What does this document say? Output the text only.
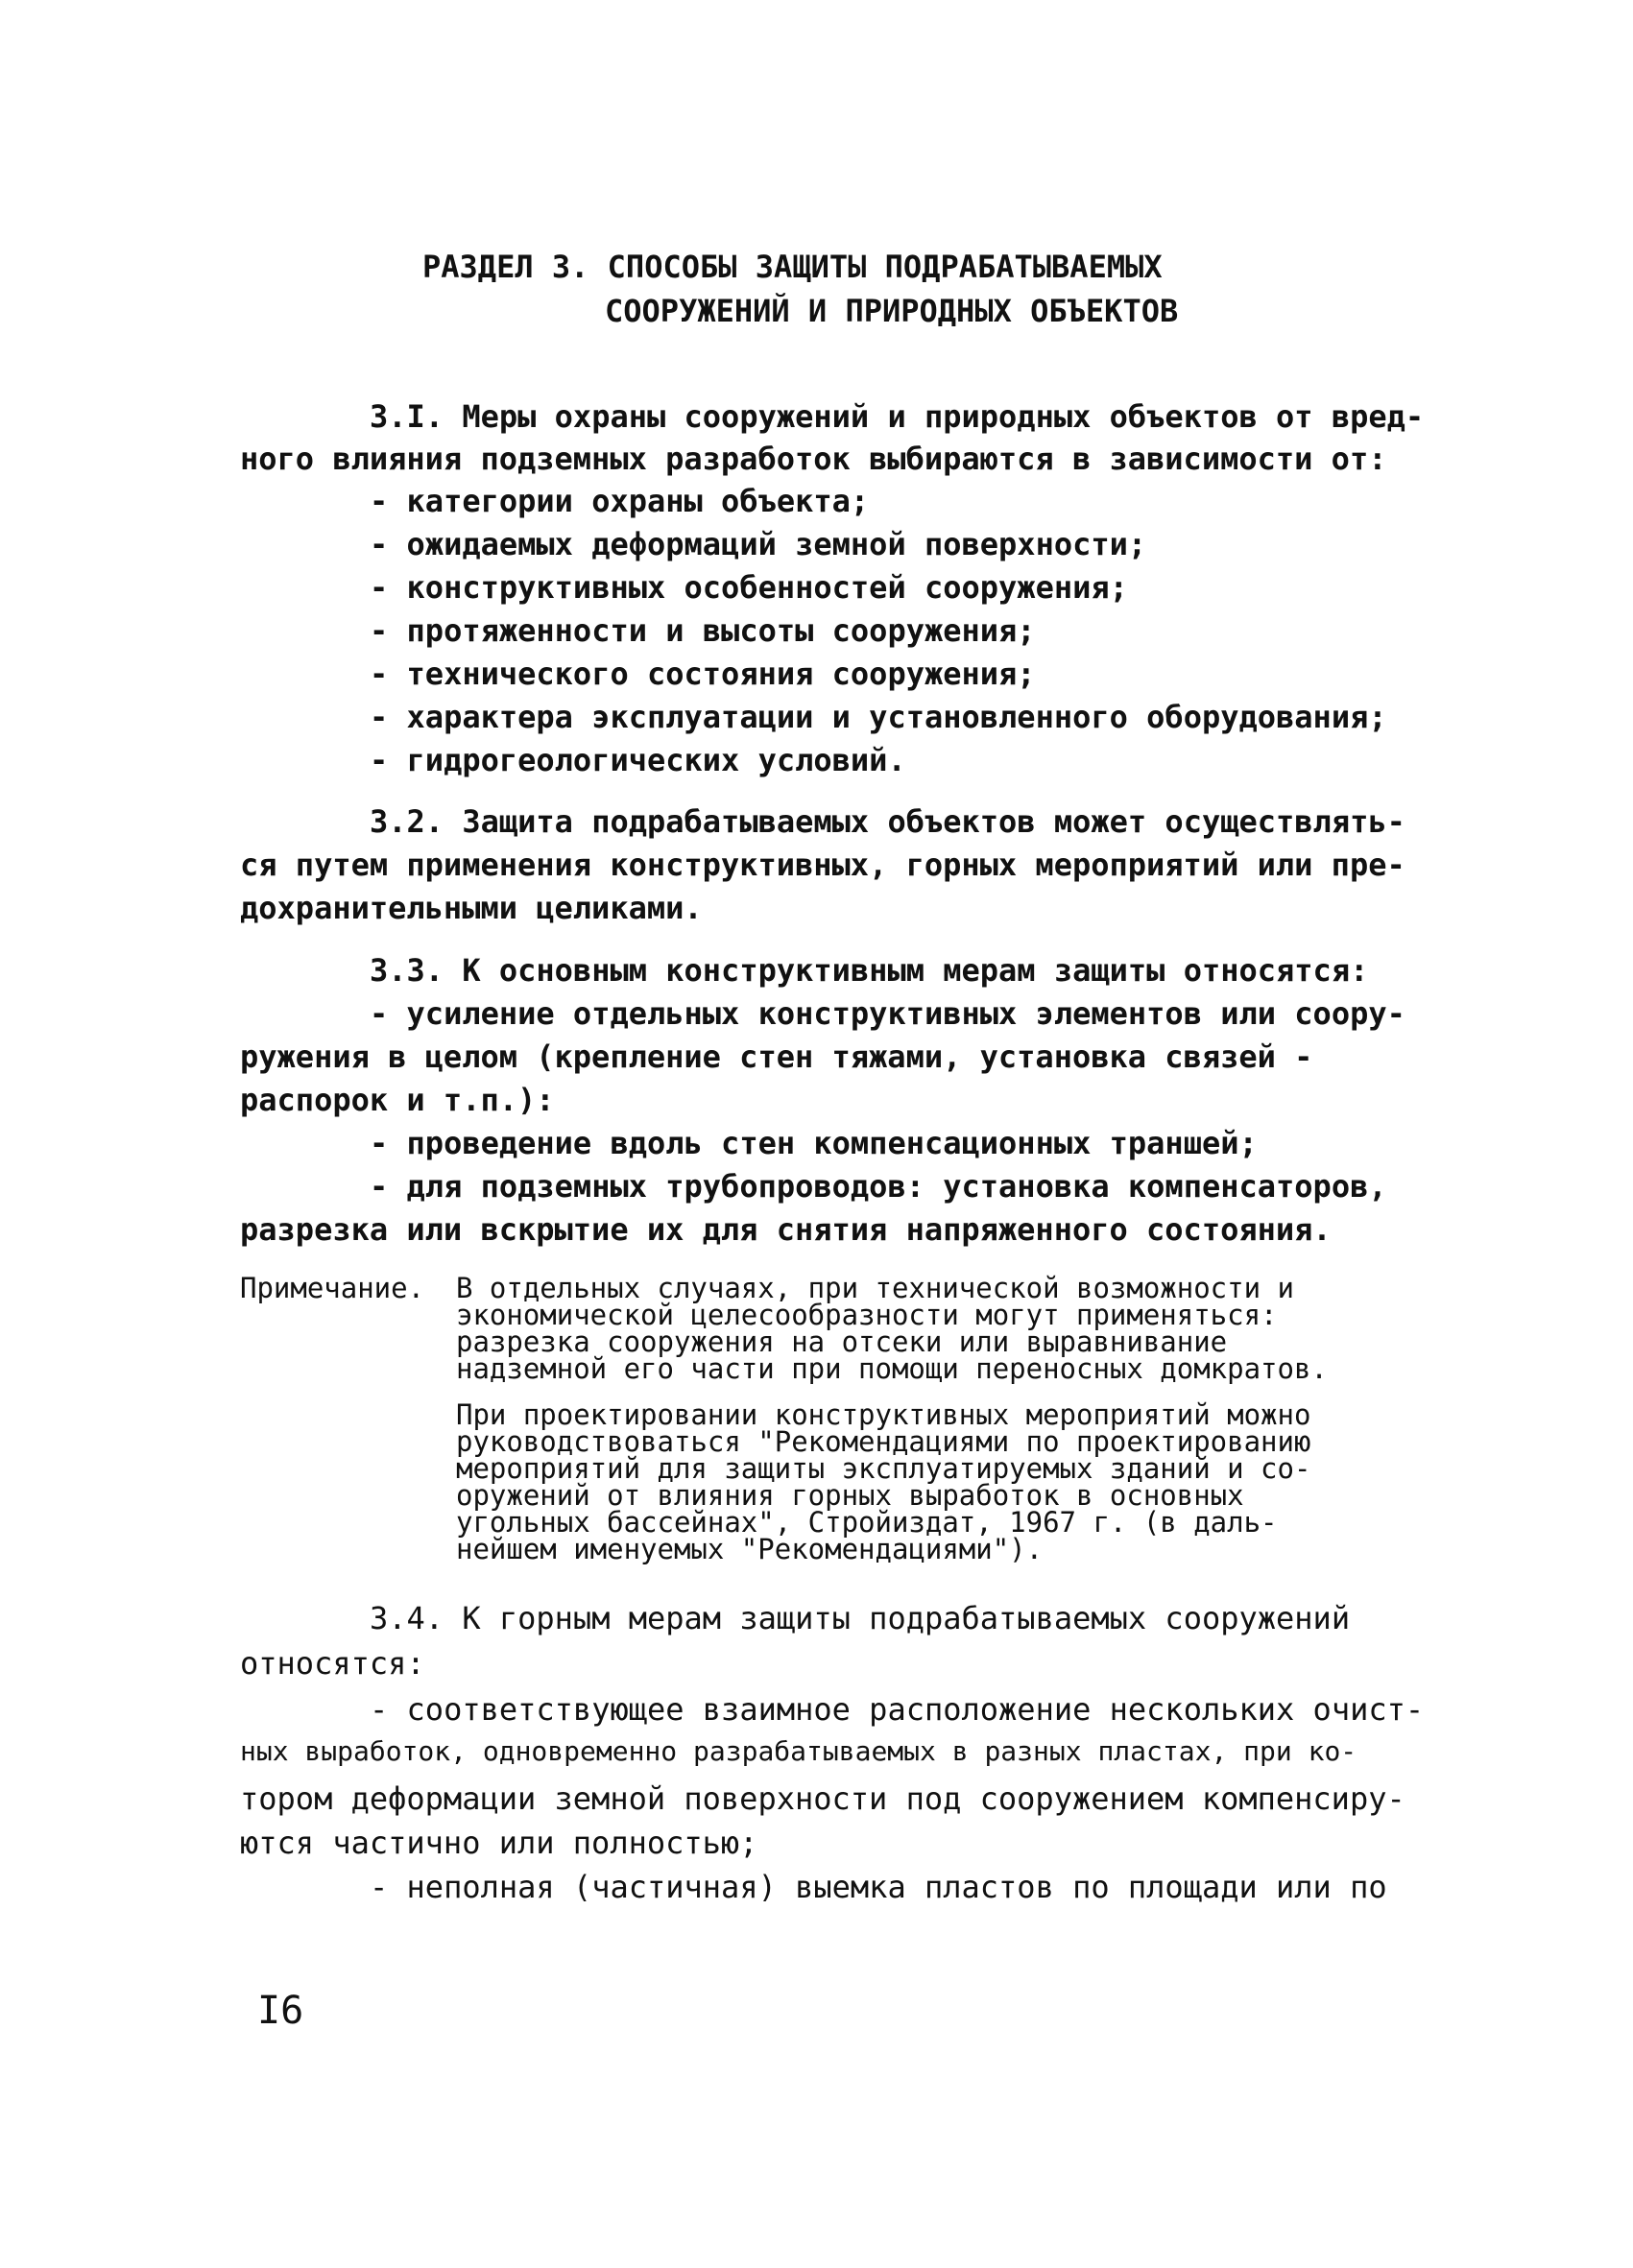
РАЗДЕЛ 3. СПОСОБЫ ЗАЩИТЫ ПОДРАБАТЫВАЕМЫХ
СООРУЖЕНИЙ И ПРИРОДНЫХ ОБЪЕКТОВ
3.I. Меры охраны сооружений и природных объектов от вред-
ного влияния подземных разработок выбираются в зависимости от:
- категории охраны объекта;
- ожидаемых деформаций земной поверхности;
- конструктивных особенностей сооружения;
- протяженности и высоты сооружения;
- технического состояния сооружения;
- характера эксплуатации и установленного оборудования;
- гидрогеологических условий.
3.2. Защита подрабатываемых объектов может осуществлять-
ся путем применения конструктивных, горных мероприятий или пре-
дохранительными целиками.
3.3. К основным конструктивным мерам защиты относятся:
- усиление отдельных конструктивных элементов или соору-
ружения в целом (крепление стен тяжами, установка связей -
распорок и т.п.):
- проведение вдоль стен компенсационных траншей;
- для подземных трубопроводов: установка компенсаторов,
разрезка или вскрытие их для снятия напряженного состояния.
Примечание. В отдельных случаях, при технической возможности и
экономической целесообразности могут применяться:
разрезка сооружения на отсеки или выравнивание
надземной его части при помощи переносных домкратов.
При проектировании конструктивных мероприятий можно
руководствоваться "Рекомендациями по проектированию
мероприятий для защиты эксплуатируемых зданий и со-
оружений от влияния горных выработок в основных
угольных бассейнах", Стройиздат, 1967 г. (в даль-
нейшем именуемых "Рекомендациями").
3.4. К горным мерам защиты подрабатываемых сооружений
относятся:
- соответствующее взаимное расположение нескольких очист-
ных выработок, одновременно разрабатываемых в разных пластах, при ко-
тором деформации земной поверхности под сооружением компенсиру-
ются частично или полностью;
- неполная (частичная) выемка пластов по площади или по
I6
